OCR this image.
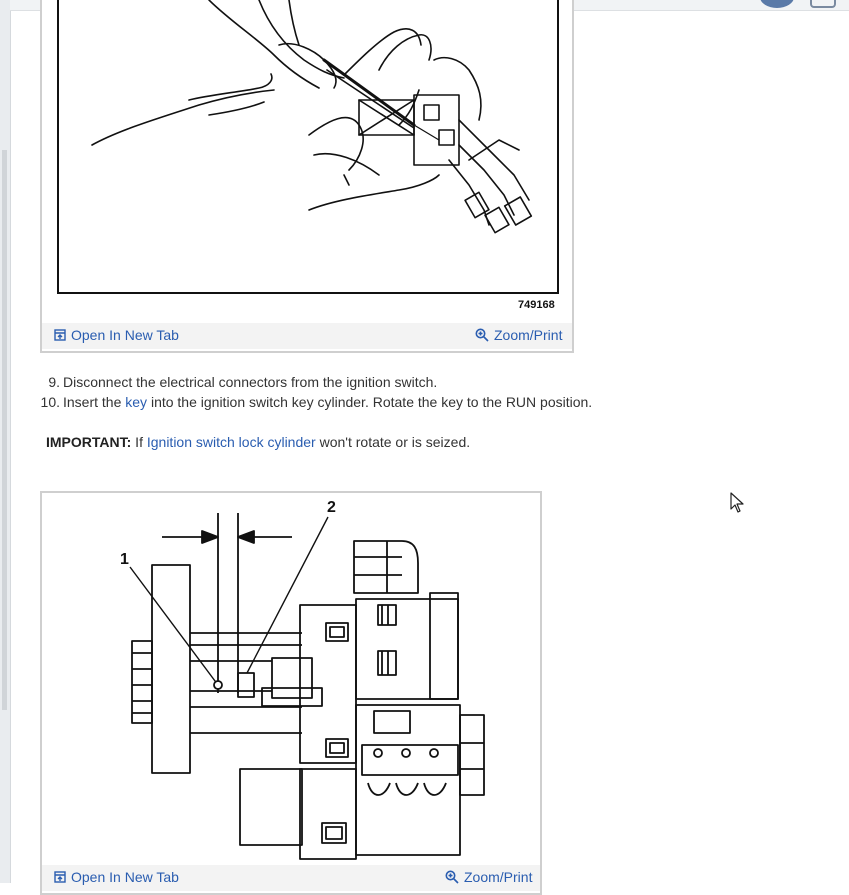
749168
Open In New Tab	Zoom/Print
9. Disconnect the electrical connectors from the ignition switch.
10. Insert the key into the ignition switch key cylinder. Rotate the key to the RUN position.
IMPORTANT: If Ignition switch lock cylinder won't rotate or is seized.
1
2
Open In New Tab	Zoom/Print
